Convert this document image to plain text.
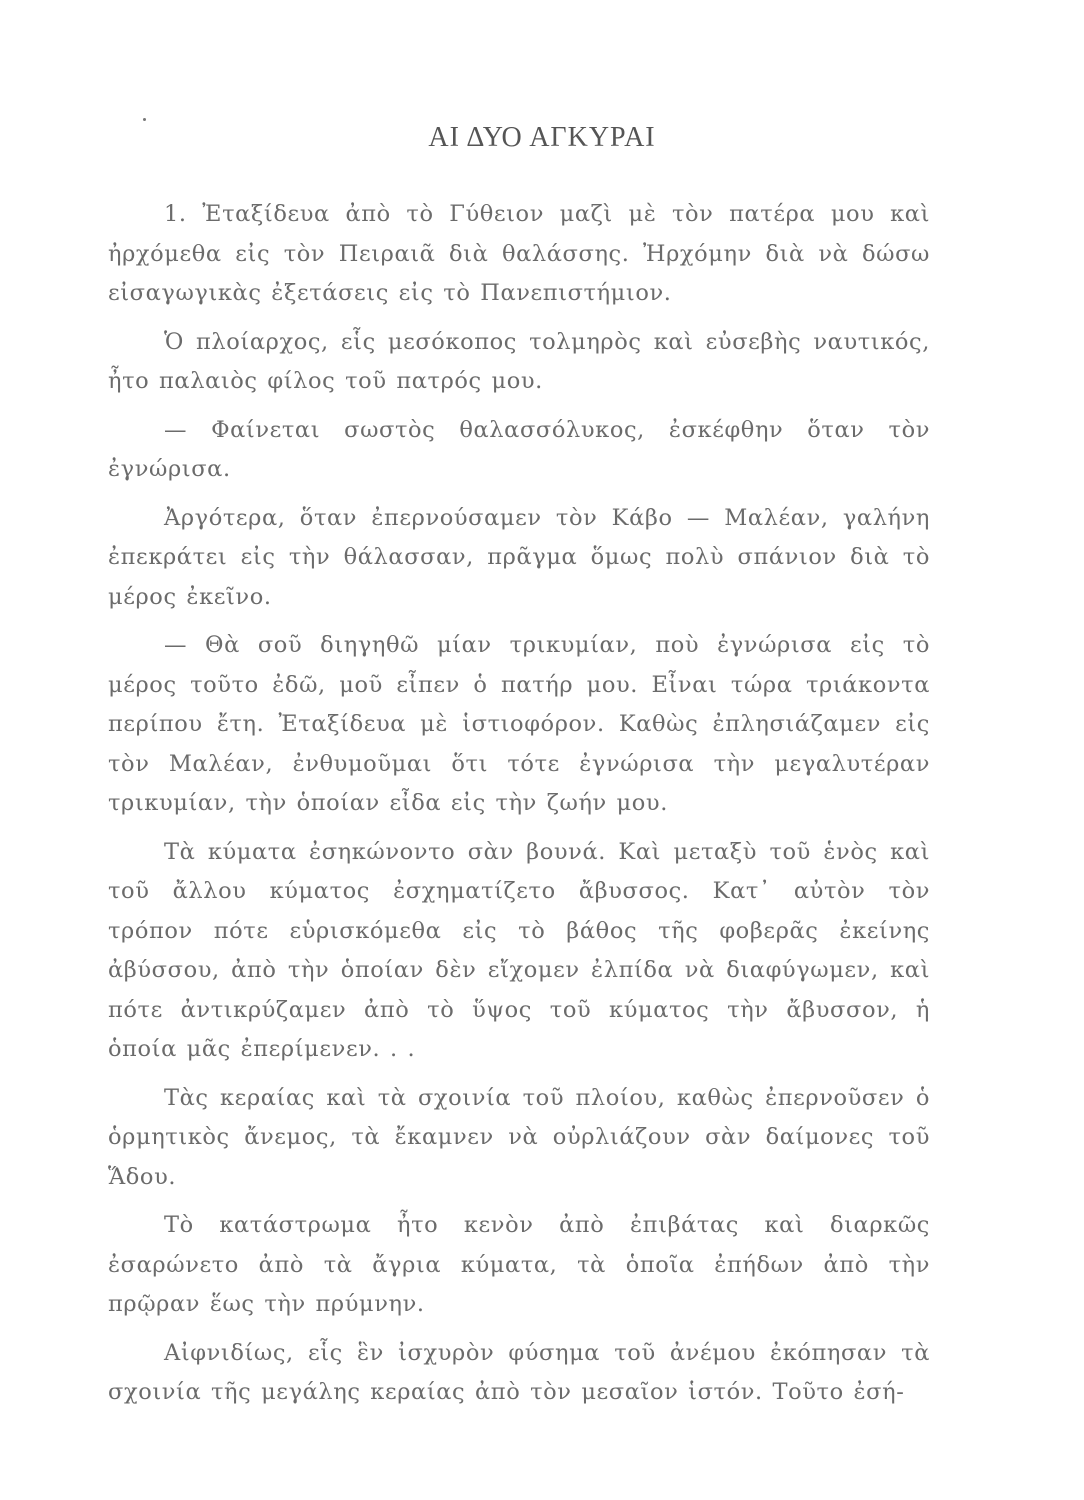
ΑΙ ΔΥΟ ΑΓΚΥΡΑΙ

1. Ἐταξίδευα ἀπὸ τὸ Γύθειον μαζὶ μὲ τὸν πατέρα μου καὶ ἠρχόμεθα εἰς τὸν Πειραιᾶ διὰ θαλάσσης. Ἠρχόμην διὰ νὰ δώσω εἰσαγωγικὰς ἐξετάσεις εἰς τὸ Πανεπιστήμιον.

Ὁ πλοίαρχος, εἷς μεσόκοπος τολμηρὸς καὶ εὐσεβὴς ναυτικός, ἦτο παλαιὸς φίλος τοῦ πατρός μου.

— Φαίνεται σωστὸς θαλασσόλυκος, ἐσκέφθην ὅταν τὸν ἐγνώρισα.

Ἀργότερα, ὅταν ἐπερνούσαμεν τὸν Κάβο — Μαλέαν, γαλήνη ἐπεκράτει εἰς τὴν θάλασσαν, πρᾶγμα ὅμως πολὺ σπάνιον διὰ τὸ μέρος ἐκεῖνο.

— Θὰ σοῦ διηγηθῶ μίαν τρικυμίαν, ποὺ ἐγνώρισα εἰς τὸ μέρος τοῦτο ἐδῶ, μοῦ εἶπεν ὁ πατήρ μου. Εἶναι τώρα τριάκοντα περίπου ἔτη. Ἐταξίδευα μὲ ἱστιοφόρον. Καθὼς ἐπλησιάζαμεν εἰς τὸν Μαλέαν, ἐνθυμοῦμαι ὅτι τότε ἐγνώρισα τὴν μεγαλυτέραν τρικυμίαν, τὴν ὁποίαν εἶδα εἰς τὴν ζωήν μου.

Τὰ κύματα ἐσηκώνοντο σὰν βουνά. Καὶ μεταξὺ τοῦ ἑνὸς καὶ τοῦ ἄλλου κύματος ἐσχηματίζετο ἄβυσσος. Κατ᾽ αὐτὸν τὸν τρόπον πότε εὑρισκόμεθα εἰς τὸ βάθος τῆς φοβερᾶς ἐκείνης ἀβύσσου, ἀπὸ τὴν ὁποίαν δὲν εἴχομεν ἐλπίδα νὰ διαφύγωμεν, καὶ πότε ἀντικρύζαμεν ἀπὸ τὸ ὕψος τοῦ κύματος τὴν ἄβυσσον, ἡ ὁποία μᾶς ἐπερίμενεν. . .

Τὰς κεραίας καὶ τὰ σχοινία τοῦ πλοίου, καθὼς ἐπερνοῦσεν ὁ ὁρμητικὸς ἄνεμος, τὰ ἔκαμνεν νὰ οὐρλιάζουν σὰν δαίμονες τοῦ Ἅδου.

Τὸ κατάστρωμα ἦτο κενὸν ἀπὸ ἐπιβάτας καὶ διαρκῶς ἐσαρώνετο ἀπὸ τὰ ἄγρια κύματα, τὰ ὁποῖα ἐπήδων ἀπὸ τὴν πρῷραν ἕως τὴν πρύμνην.

Αἰφνιδίως, εἷς ἓν ἰσχυρὸν φύσημα τοῦ ἀνέμου ἐκόπησαν τὰ σχοινία τῆς μεγάλης κεραίας ἀπὸ τὸν μεσαῖον ἱστόν. Τοῦτο ἐσή-
